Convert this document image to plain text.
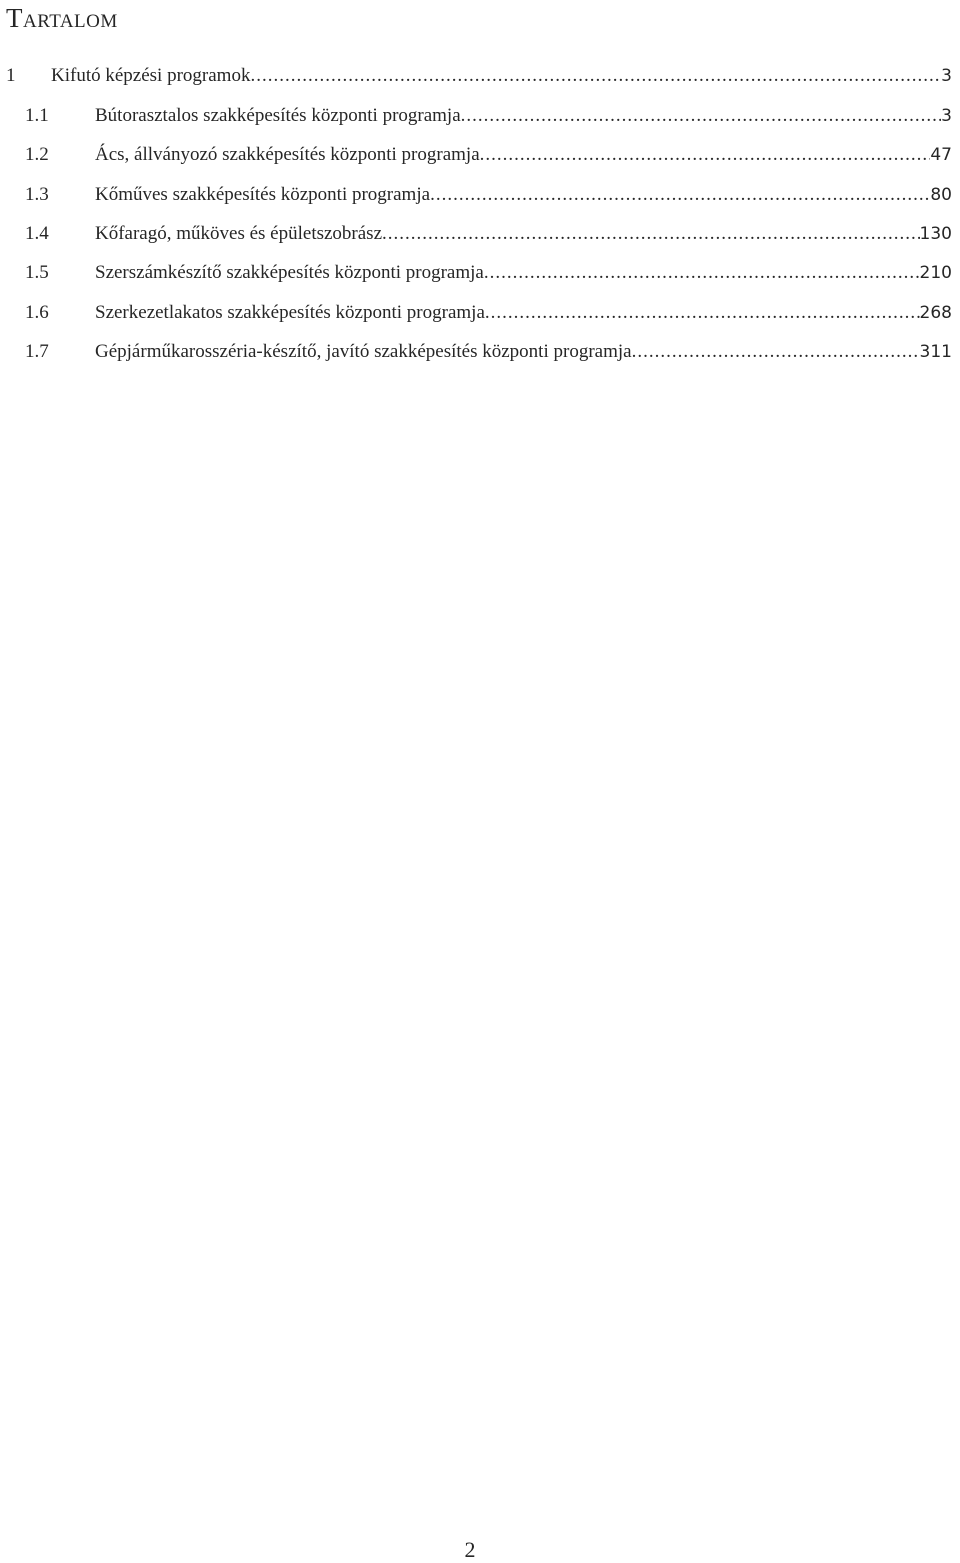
Tartalom
1	Kifutó képzési programok .....	3
1.1	Bútorasztalos szakképesítés központi programja .....	3
1.2	Ács, állványozó szakképesítés központi programja .....	47
1.3	Kőműves szakképesítés központi programja .....	80
1.4	Kőfaragó, műköves és épületszobrász .....	130
1.5	Szerszámkészítő szakképesítés központi programja .....	210
1.6	Szerkezetlakatos szakképesítés központi programja .....	268
1.7	Gépjárműkarosszéria-készítő, javító szakképesítés központi programja .....	311
2
